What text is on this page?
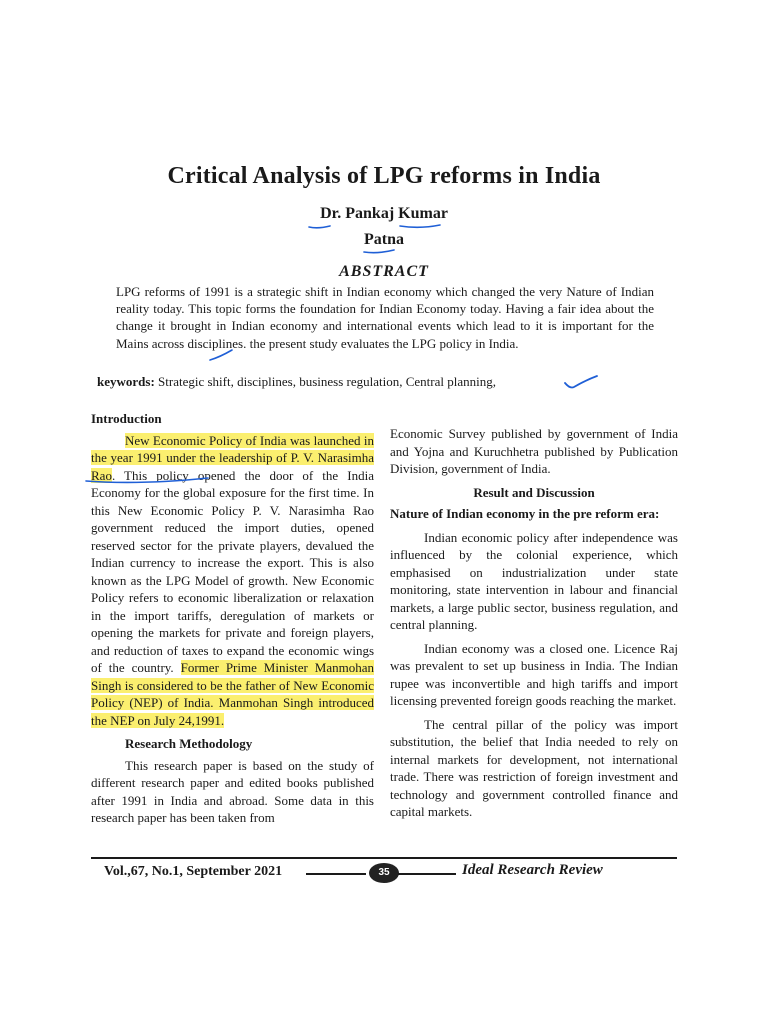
Critical Analysis of LPG reforms in India
Dr. Pankaj Kumar
Patna
ABSTRACT
LPG reforms of 1991 is a strategic shift in Indian economy which changed the very Nature of Indian reality today. This topic forms the foundation for Indian Economy today. Having a fair idea about the change it brought in Indian economy and international events which lead to it is important for the Mains across disciplines. the present study evaluates the LPG policy in India.
keywords: Strategic shift, disciplines, business regulation, Central planning,

Introduction

New Economic Policy of India was launched in the year 1991 under the leadership of P. V. Narasimha Rao. This policy opened the door of the India Economy for the global exposure for the first time. In this New Economic Policy P. V. Narasimha Rao government reduced the import duties, opened reserved sector for the private players, devalued the Indian currency to increase the export. This is also known as the LPG Model of growth. New Economic Policy refers to economic liberalization or relaxation in the import tariffs, deregulation of markets or opening the markets for private and foreign players, and reduction of taxes to expand the economic wings of the country. Former Prime Minister Manmohan Singh is considered to be the father of New Economic Policy (NEP) of India. Manmohan Singh introduced the NEP on July 24,1991.

Research Methodology

This research paper is based on the study of different research paper and edited books published after 1991 in India and abroad. Some data in this research paper has been taken from

Economic Survey published by government of India and Yojna and Kuruchhetra published by Publication Division, government of India.

Result and Discussion

Nature of Indian economy in the pre reform era:

Indian economic policy after independence was influenced by the colonial experience, which emphasised on industrialization under state monitoring, state intervention in labour and financial markets, a large public sector, business regulation, and central planning.

Indian economy was a closed one. Licence Raj was prevalent to set up business in India. The Indian rupee was inconvertible and high tariffs and import licensing prevented foreign goods reaching the market.

The central pillar of the policy was import substitution, the belief that India needed to rely on internal markets for development, not international trade. There was restriction of foreign investment and technology and government controlled finance and capital markets.

Vol.,67, No.1, September 2021	35	Ideal Research Review
